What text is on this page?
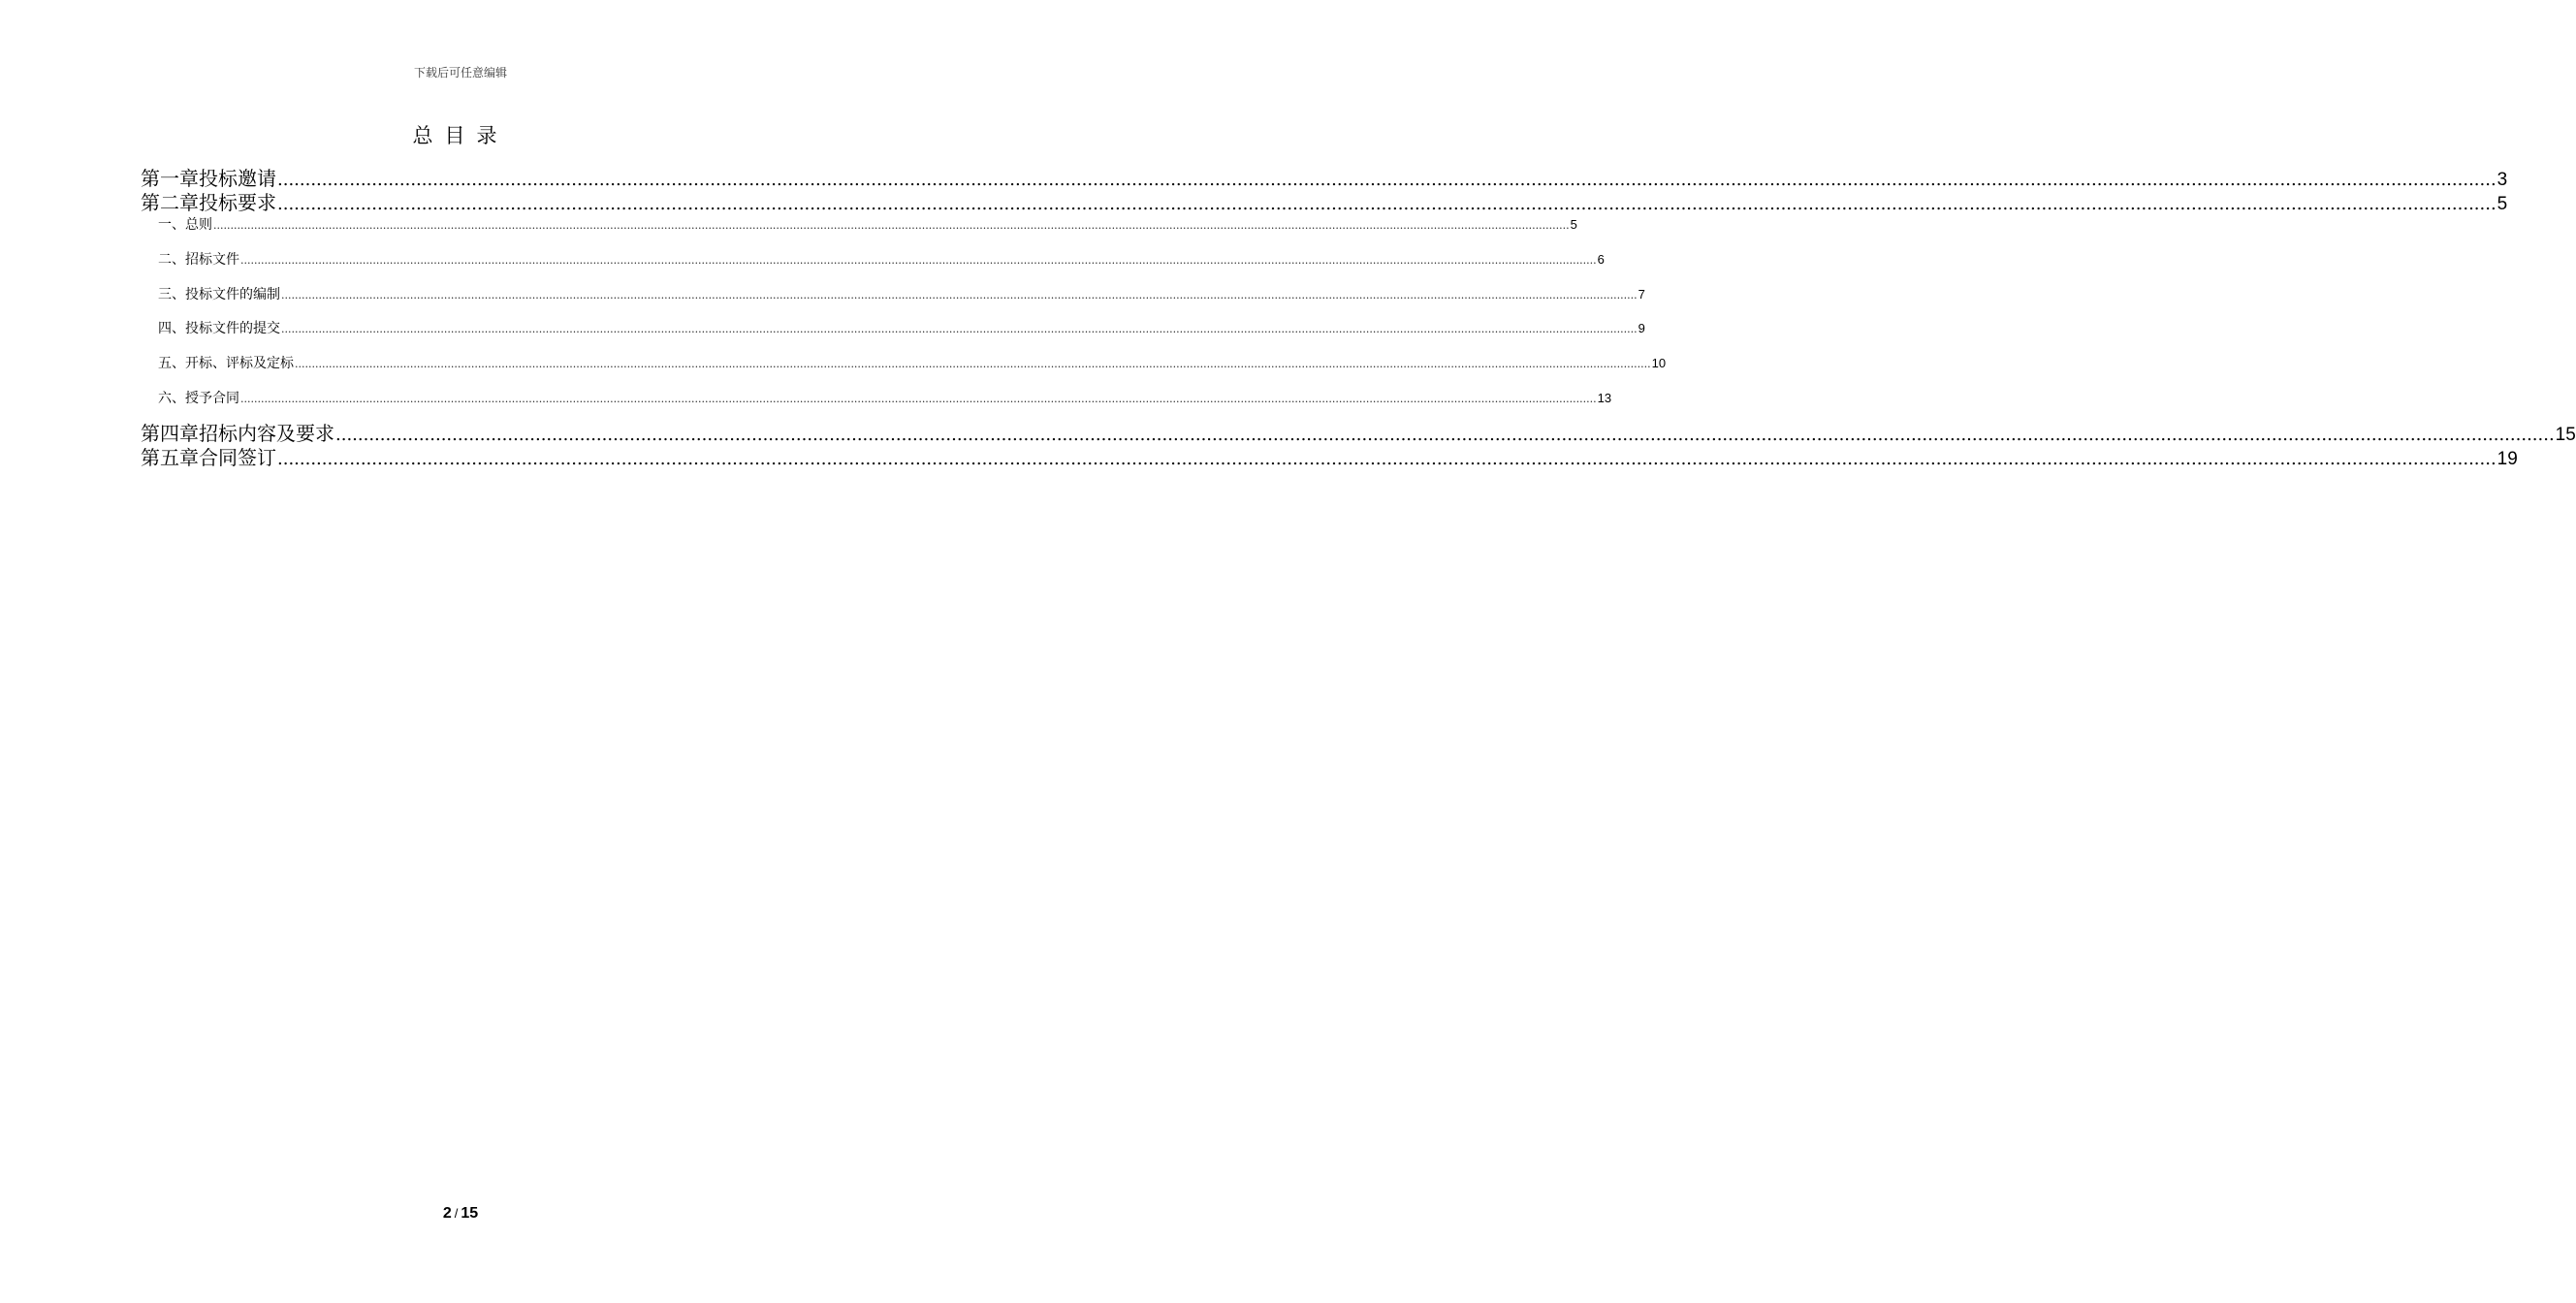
下载后可任意编辑
总目录
第一章 投标邀请 ................................................................................................................................................................................................................................................................................................................................................................................................................ 3
第二章 投标要求 ................................................................................................................................................................................................................................................................................................................................................................................................................ 5
一、 总则 ................................................................................................................................................................................................................................................................................................................................................................................................................ 5
二、 招标文件 ................................................................................................................................................................................................................................................................................................................................................................................................................ 6
三、 投标文件的编制 ................................................................................................................................................................................................................................................................................................................................................................................................................ 7
四、 投标文件的提交 ................................................................................................................................................................................................................................................................................................................................................................................................................ 9
五、 开标、评标及定标 ................................................................................................................................................................................................................................................................................................................................................................................................................ 10
六、 授予合同 ................................................................................................................................................................................................................................................................................................................................................................................................................ 13
第四章 招标内容及要求 ................................................................................................................................................................................................................................................................................................................................................................................................................ 15
第五章 合同签订 ................................................................................................................................................................................................................................................................................................................................................................................................................ 19
2 / 15
